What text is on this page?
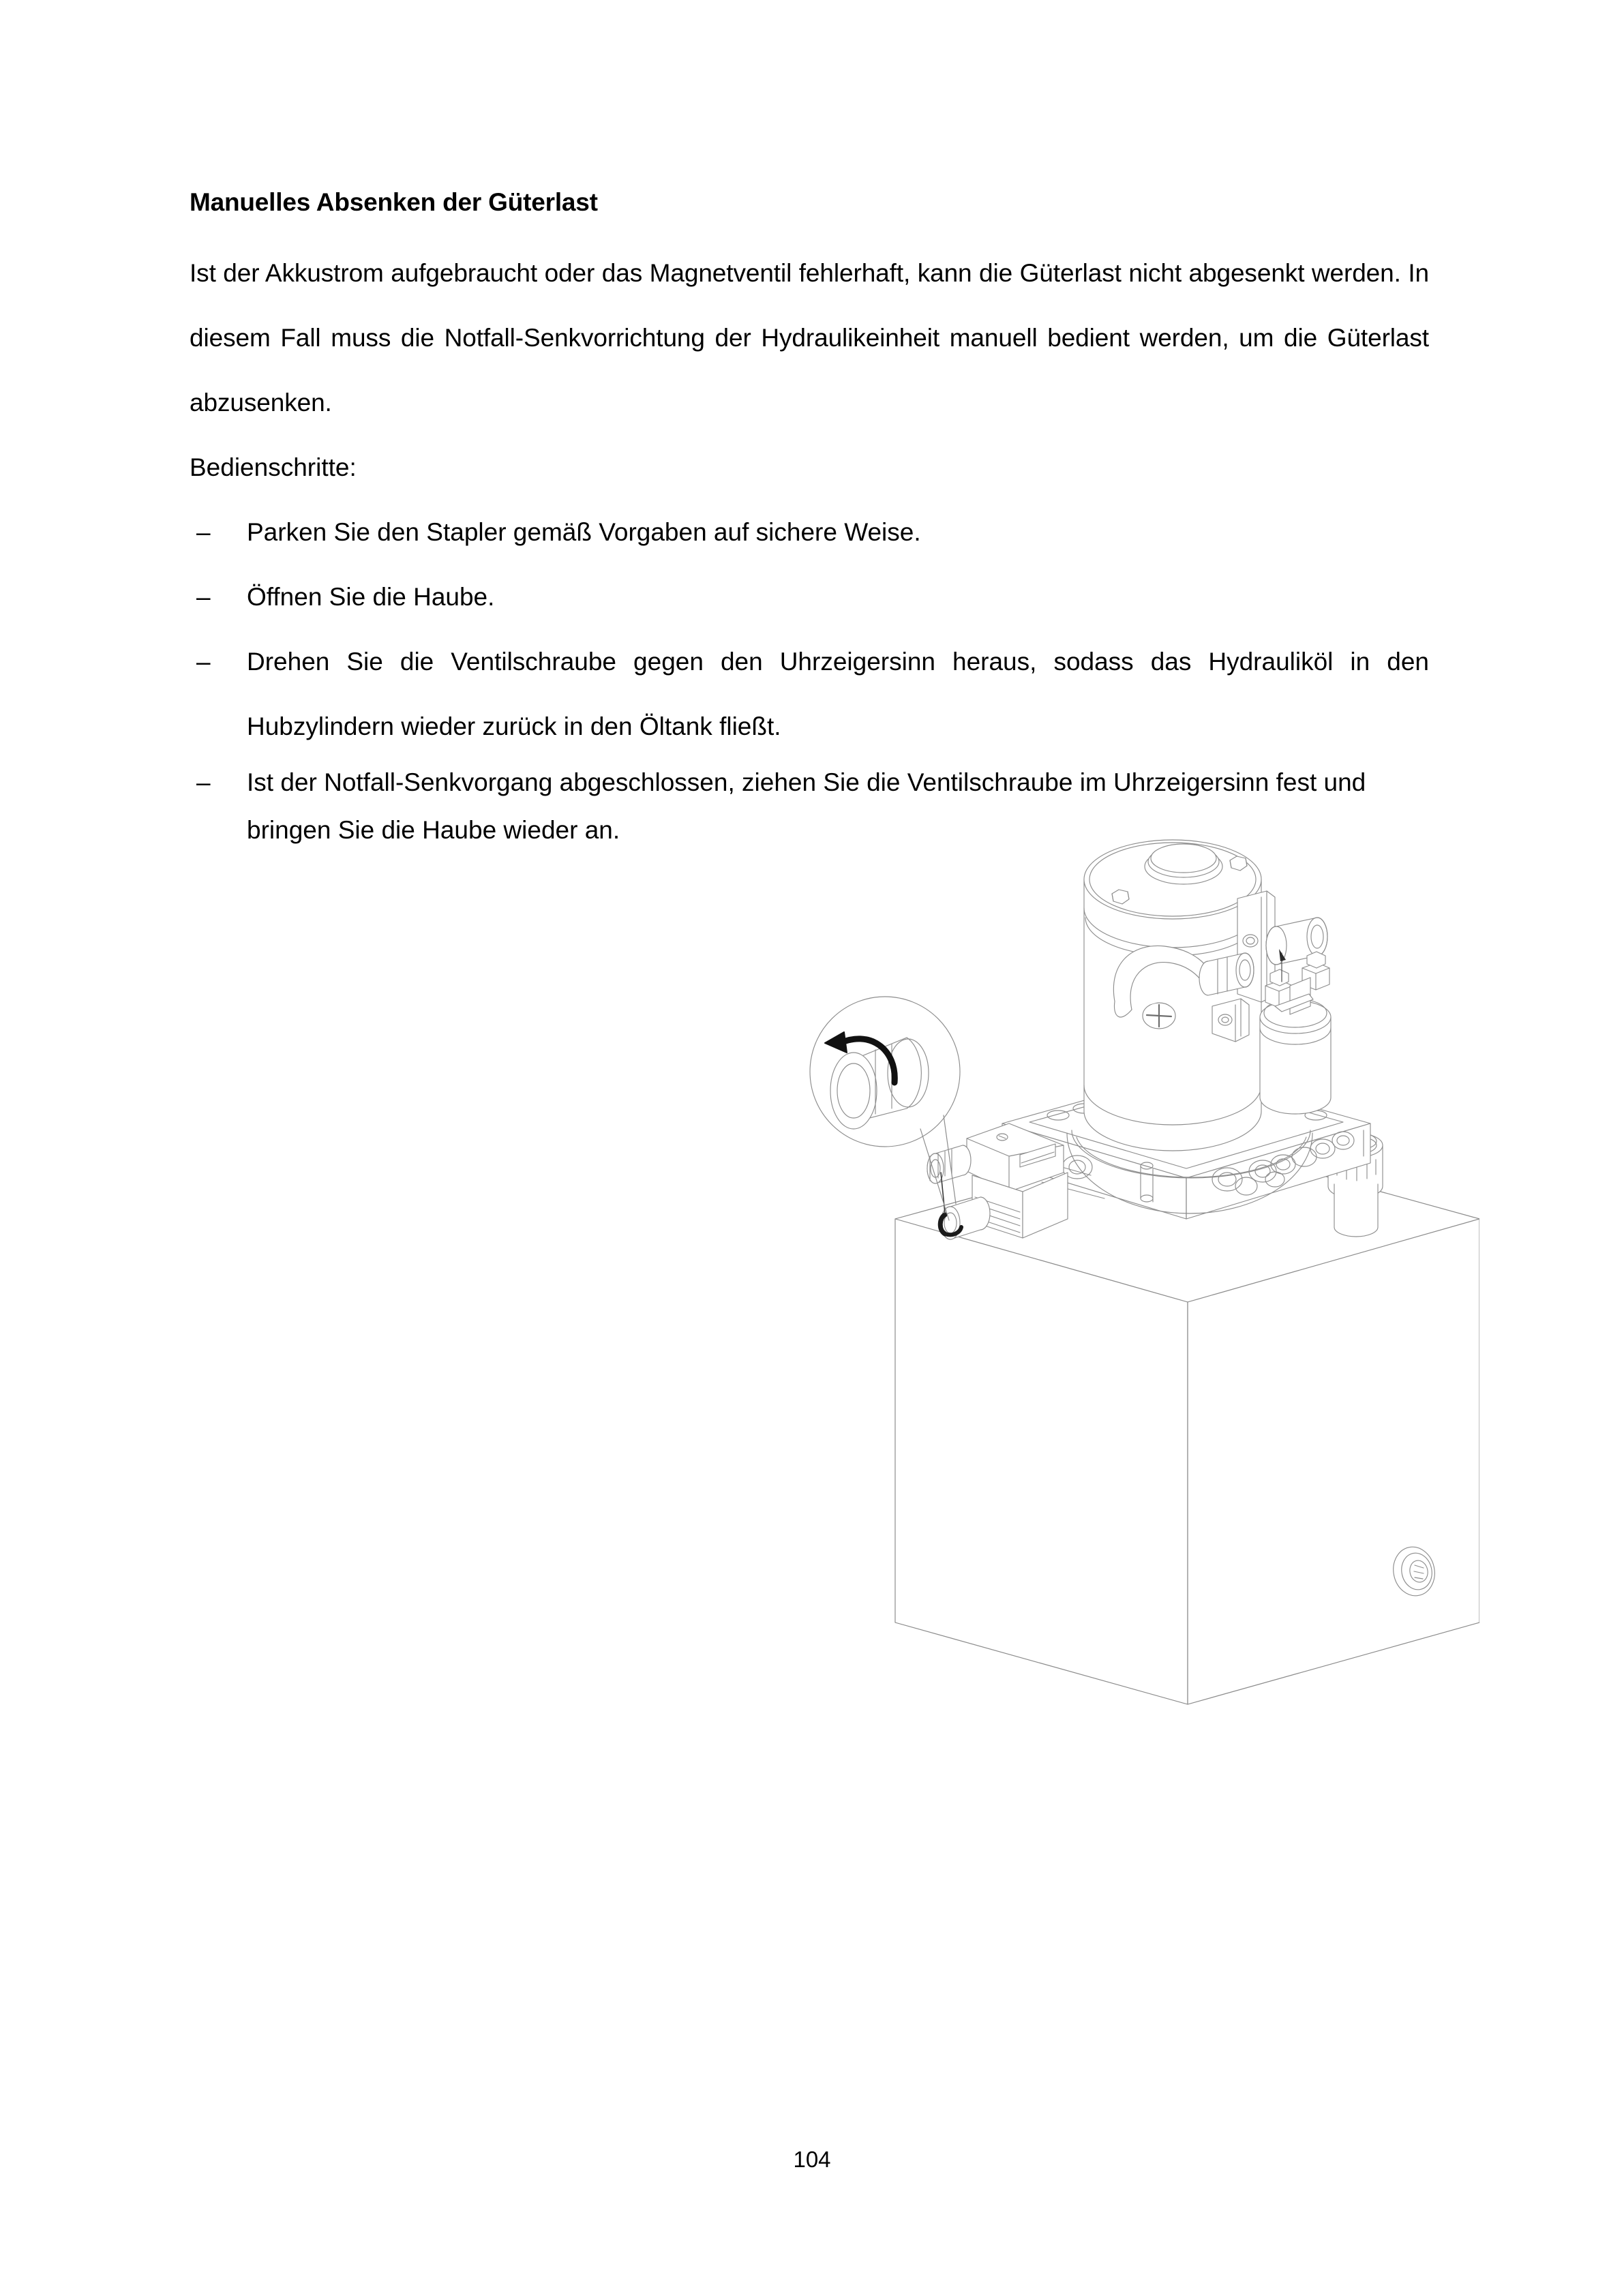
Manuelles Absenken der Güterlast

Ist der Akkustrom aufgebraucht oder das Magnetventil fehlerhaft, kann die Güterlast nicht abgesenkt werden. In diesem Fall muss die Notfall-Senkvorrichtung der Hydraulikeinheit manuell bedient werden, um die Güterlast abzusenken.

Bedienschritte:

– Parken Sie den Stapler gemäß Vorgaben auf sichere Weise.
– Öffnen Sie die Haube.
– Drehen Sie die Ventilschraube gegen den Uhrzeigersinn heraus, sodass das Hydrauliköl in den Hubzylindern wieder zurück in den Öltank fließt.
– Ist der Notfall-Senkvorgang abgeschlossen, ziehen Sie die Ventilschraube im Uhrzeigersinn fest und bringen Sie die Haube wieder an.
104
